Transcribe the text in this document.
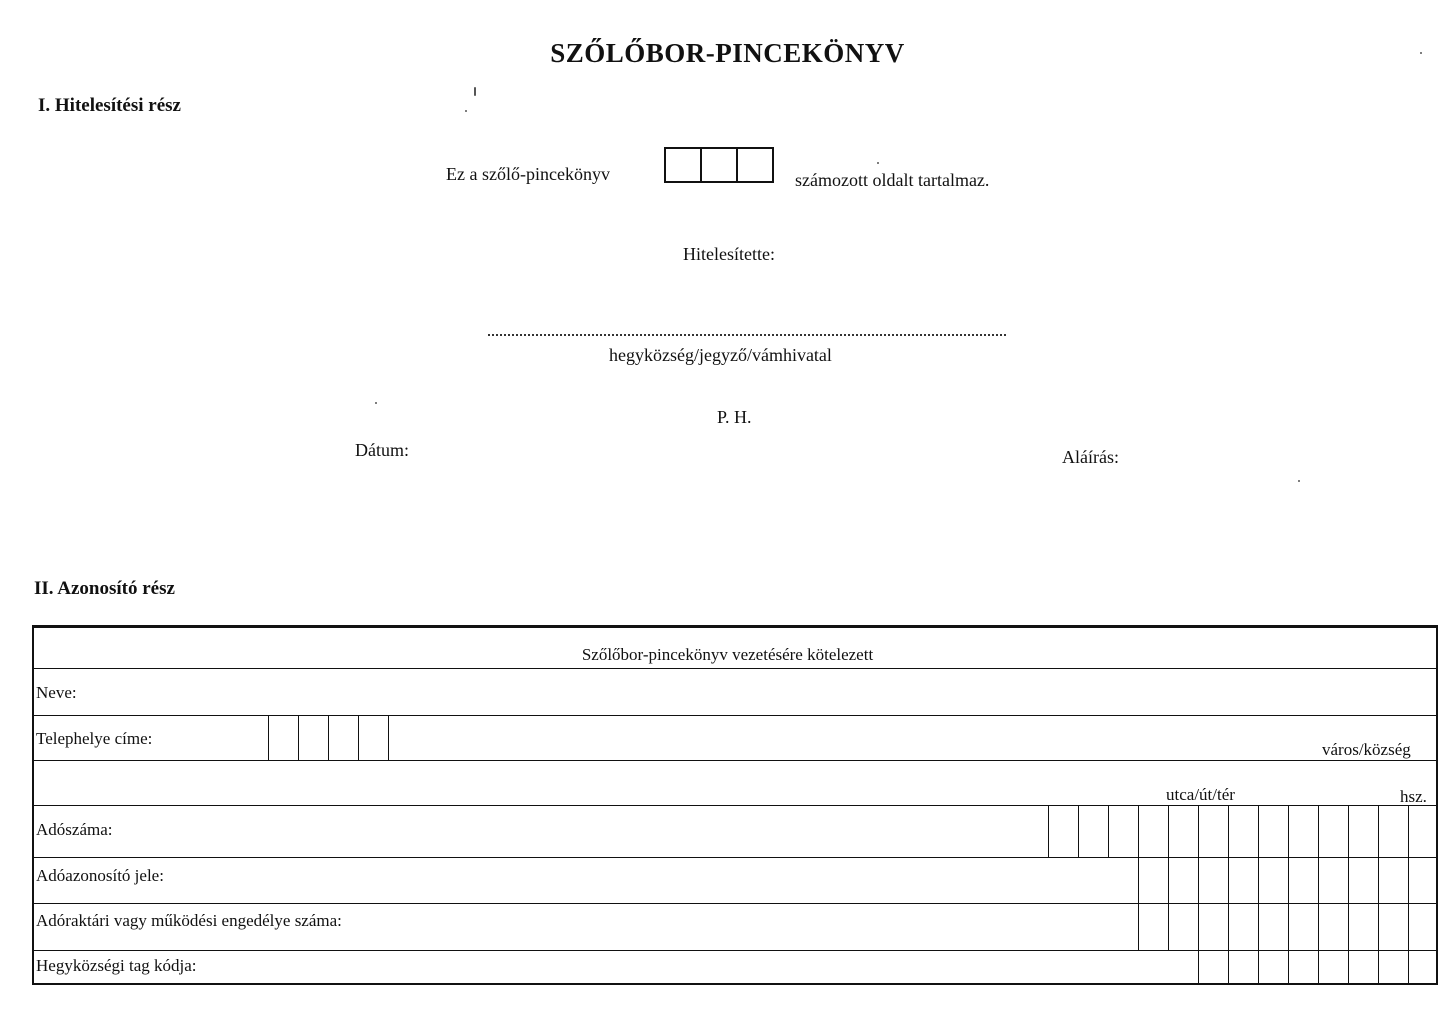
SZŐLŐBOR-PINCEKÖNYV
I. Hitelesítési rész
Ez a szőlő-pincekönyv	számozott oldalt tartalmaz.
Hitelesítette:
hegyközség/jegyző/vámhivatal
P. H.
Dátum:	Aláírás:
II. Azonosító rész
Szőlőbor-pincekönyv vezetésére kötelezett
Neve:
Telephelye címe:
város/község
utca/út/tér	hsz.
Adószáma:
Adóazonosító jele:
Adóraktári vagy működési engedélye száma:
Hegyközségi tag kódja:
